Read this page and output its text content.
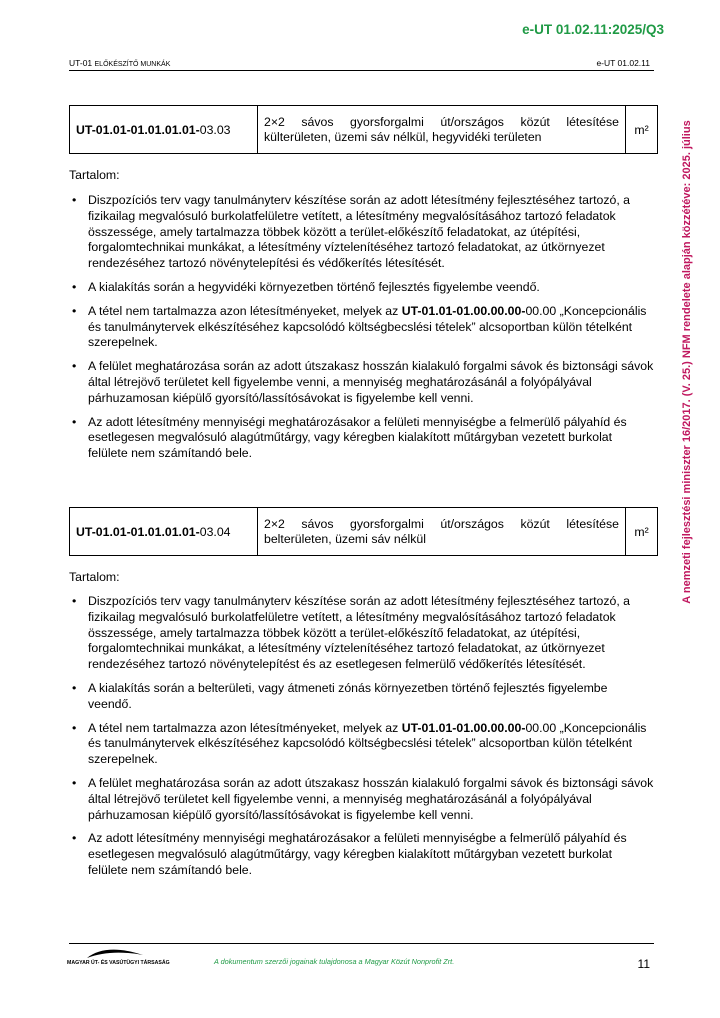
e-UT 01.02.11:2025/Q3
UT-01 ELŐKÉSZÍTŐ MUNKÁK	e-UT 01.02.11
A nemzeti fejlesztési miniszter 16/2017. (V. 25.) NFM rendelete alapján közzétéve: 2025. július
UT-01.01-01.01.01.01-03.03	2×2 sávos gyorsforgalmi út/országos közút létesítése külterületen, üzemi sáv nélkül, hegyvidéki területen	m²
Tartalom:
• Diszpozíciós terv vagy tanulmányterv készítése során az adott létesítmény fejlesztéséhez tartozó, a fizikailag megvalósuló burkolatfelületre vetített, a létesítmény megvalósításához tartozó feladatok összessége, amely tartalmazza többek között a terület-előkészítő feladatokat, az útépítési, forgalomtechnikai munkákat, a létesítmény víztelenítéséhez tartozó feladatokat, az útkörnyezet rendezéséhez tartozó növénytelepítési és védőkerítés létesítését.
• A kialakítás során a hegyvidéki környezetben történő fejlesztés figyelembe veendő.
• A tétel nem tartalmazza azon létesítményeket, melyek az UT-01.01-01.00.00.00-00.00 „Koncepcionális és tanulmánytervek elkészítéséhez kapcsolódó költségbecslési tételek” alcsoportban külön tételként szerepelnek.
• A felület meghatározása során az adott útszakasz hosszán kialakuló forgalmi sávok és biztonsági sávok által létrejövő területet kell figyelembe venni, a mennyiség meghatározásánál a folyópályával párhuzamosan kiépülő gyorsító/lassítósávokat is figyelembe kell venni.
• Az adott létesítmény mennyiségi meghatározásakor a felületi mennyiségbe a felmerülő pályahíd és esetlegesen megvalósuló alagútműtárgy, vagy kéregben kialakított műtárgyban vezetett burkolat felülete nem számítandó bele.
UT-01.01-01.01.01.01-03.04	2×2 sávos gyorsforgalmi út/országos közút létesítése belterületen, üzemi sáv nélkül	m²
Tartalom:
• Diszpozíciós terv vagy tanulmányterv készítése során az adott létesítmény fejlesztéséhez tartozó, a fizikailag megvalósuló burkolatfelületre vetített, a létesítmény megvalósításához tartozó feladatok összessége, amely tartalmazza többek között a terület-előkészítő feladatokat, az útépítési, forgalomtechnikai munkákat, a létesítmény víztelenítéséhez tartozó feladatokat, az útkörnyezet rendezéséhez tartozó növénytelepítést és az esetlegesen felmerülő védőkerítés létesítését.
• A kialakítás során a belterületi, vagy átmeneti zónás környezetben történő fejlesztés figyelembe veendő.
• A tétel nem tartalmazza azon létesítményeket, melyek az UT-01.01-01.00.00.00-00.00 „Koncepcionális és tanulmánytervek elkészítéséhez kapcsolódó költségbecslési tételek” alcsoportban külön tételként szerepelnek.
• A felület meghatározása során az adott útszakasz hosszán kialakuló forgalmi sávok és biztonsági sávok által létrejövő területet kell figyelembe venni, a mennyiség meghatározásánál a folyópályával párhuzamosan kiépülő gyorsító/lassítósávokat is figyelembe kell venni.
• Az adott létesítmény mennyiségi meghatározásakor a felületi mennyiségbe a felmerülő pályahíd és esetlegesen megvalósuló alagútműtárgy, vagy kéregben kialakított műtárgyban vezetett burkolat felülete nem számítandó bele.
MAGYAR ÚT- ÉS VASÚTÜGYI TÁRSASÁG	A dokumentum szerzői jogainak tulajdonosa a Magyar Közút Nonprofit Zrt.	11
